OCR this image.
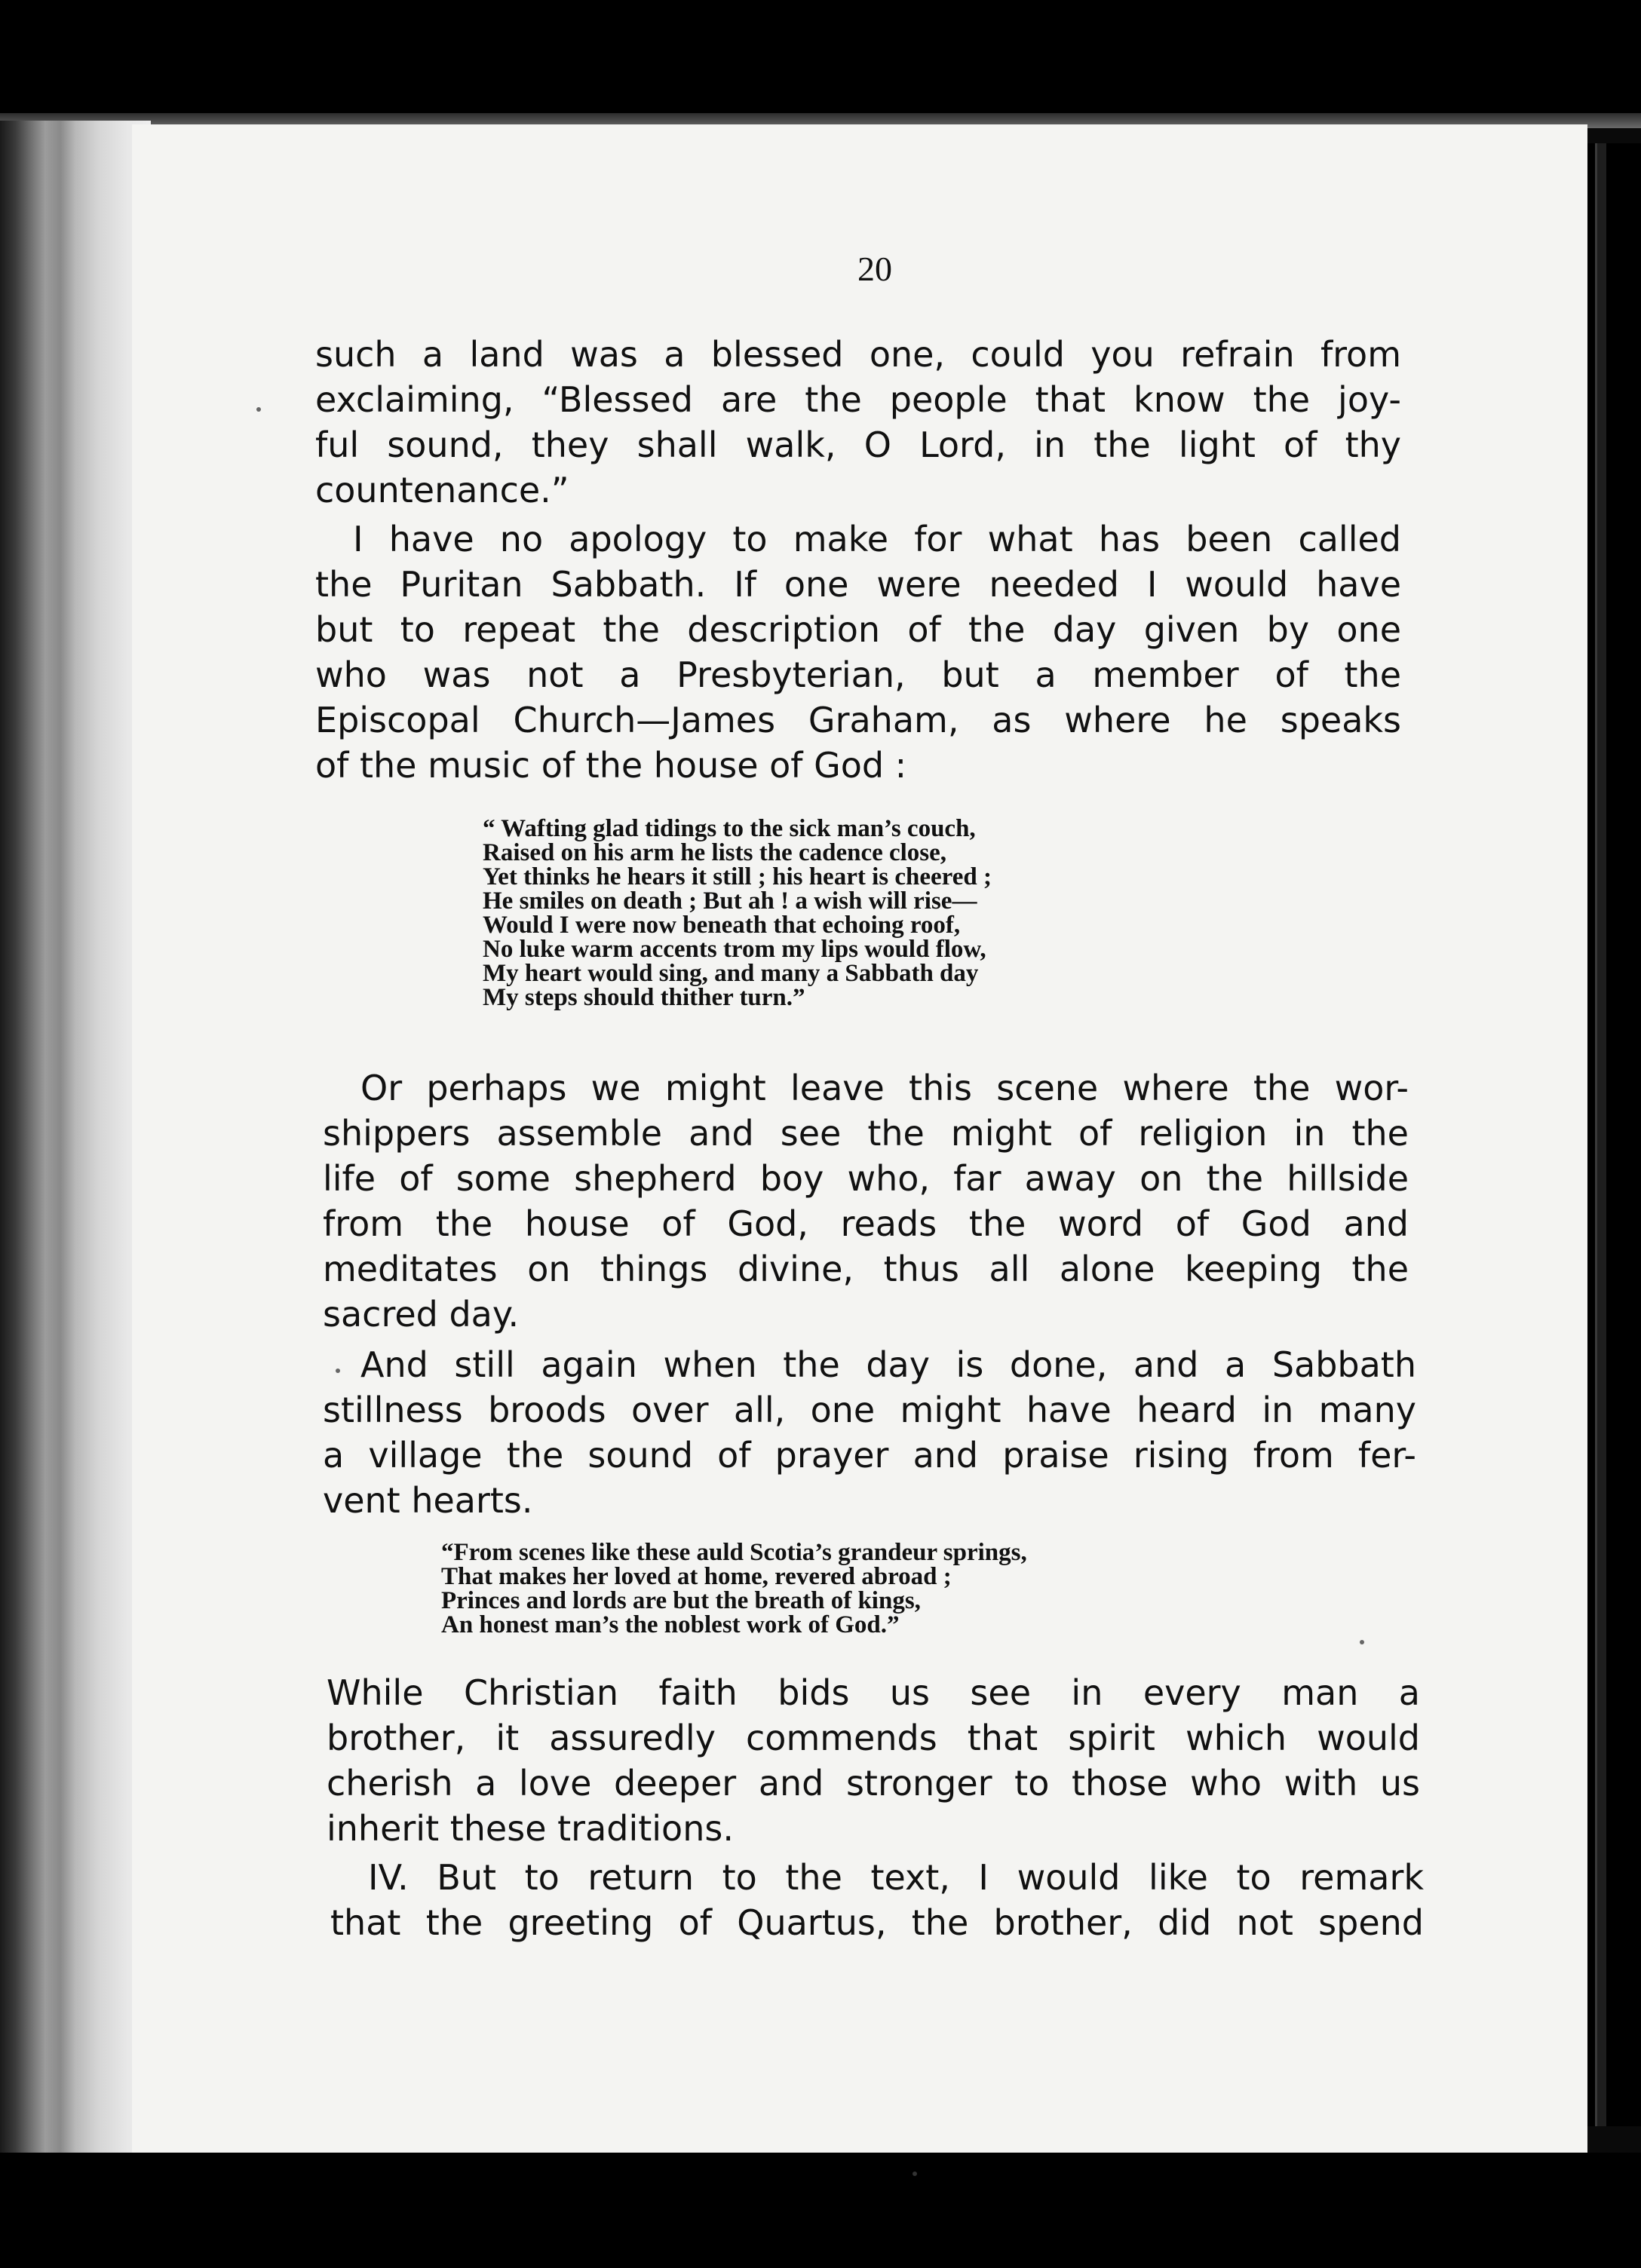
20
such a land was a blessed one, could you refrain from
exclaiming, “Blessed are the people that know the joy-
ful sound, they shall walk, O Lord, in the light of thy
countenance.”
I have no apology to make for what has been called
the Puritan Sabbath. If one were needed I would have
but to repeat the description of the day given by one
who was not a Presbyterian, but a member of the
Episcopal Church—James Graham, as where he speaks
of the music of the house of God :
“ Wafting glad tidings to the sick man’s couch,
Raised on his arm he lists the cadence close,
Yet thinks he hears it still ; his heart is cheered ;
He smiles on death ; But ah ! a wish will rise—
Would I were now beneath that echoing roof,
No luke warm accents trom my lips would flow,
My heart would sing, and many a Sabbath day
My steps should thither turn.”
Or perhaps we might leave this scene where the wor-
shippers assemble and see the might of religion in the
life of some shepherd boy who, far away on the hillside
from the house of God, reads the word of God and
meditates on things divine, thus all alone keeping the
sacred day.
And still again when the day is done, and a Sabbath
stillness broods over all, one might have heard in many
a village the sound of prayer and praise rising from fer-
vent hearts.
“From scenes like these auld Scotia’s grandeur springs,
That makes her loved at home, revered abroad ;
Princes and lords are but the breath of kings,
An honest man’s the noblest work of God.”
While Christian faith bids us see in every man a
brother, it assuredly commends that spirit which would
cherish a love deeper and stronger to those who with us
inherit these traditions.
IV. But to return to the text, I would like to remark
that the greeting of Quartus, the brother, did not spend
